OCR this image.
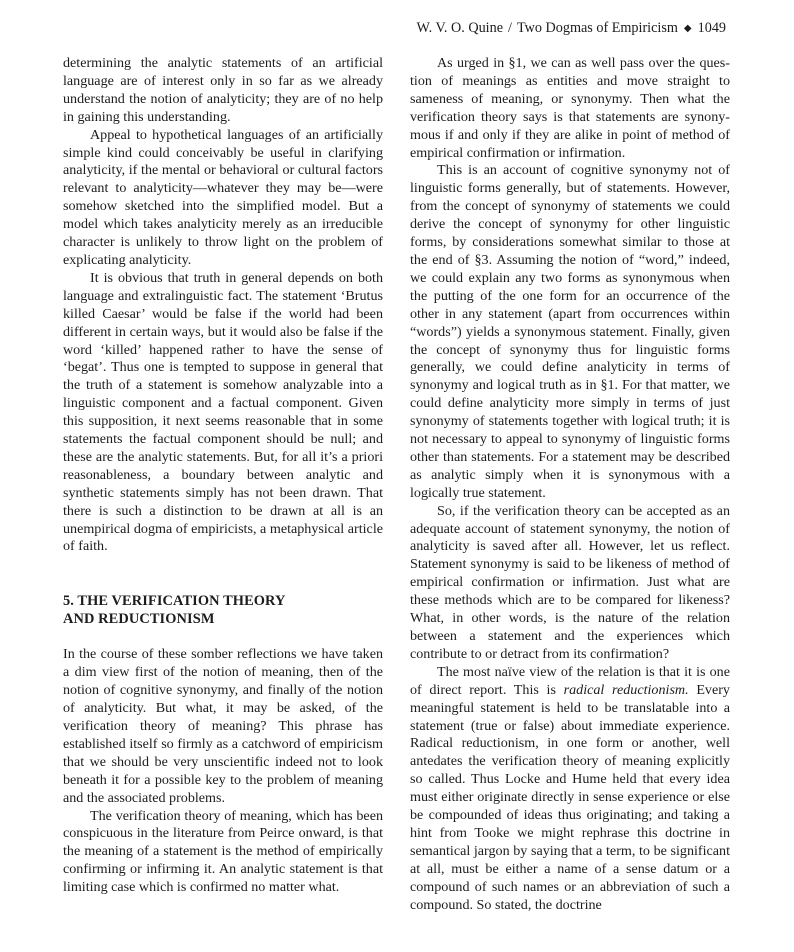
W. V. O. Quine / Two Dogmas of Empiricism ◆ 1049

determining the analytic statements of an artificial language are of interest only in so far as we already understand the notion of analyticity; they are of no help in gaining this understanding.

Appeal to hypothetical languages of an artificially simple kind could conceivably be useful in clarifying analyticity, if the mental or behavioral or cultural factors relevant to analyticity—whatever they may be—were somehow sketched into the simplified model. But a model which takes analyticity merely as an irreducible character is unlikely to throw light on the problem of explicating analyticity.

It is obvious that truth in general depends on both language and extralinguistic fact. The statement ‘Brutus killed Caesar’ would be false if the world had been different in certain ways, but it would also be false if the word ‘killed’ happened rather to have the sense of ‘begat’. Thus one is tempted to suppose in general that the truth of a statement is somehow analyzable into a linguistic component and a factual component. Given this supposition, it next seems reasonable that in some statements the factual component should be null; and these are the analytic statements. But, for all it’s a priori reasonableness, a boundary between analytic and synthetic statements simply has not been drawn. That there is such a distinction to be drawn at all is an unempirical dogma of empiricists, a metaphysical article of faith.

5. THE VERIFICATION THEORY
AND REDUCTIONISM

In the course of these somber reflections we have taken a dim view first of the notion of meaning, then of the notion of cognitive synonymy, and finally of the notion of analyticity. But what, it may be asked, of the verification theory of meaning? This phrase has established itself so firmly as a catchword of empiricism that we should be very unscientific indeed not to look beneath it for a possible key to the problem of meaning and the associated problems.

The verification theory of meaning, which has been conspicuous in the literature from Peirce onward, is that the meaning of a statement is the method of empirically confirming or infirming it. An analytic statement is that limiting case which is confirmed no matter what.

As urged in §1, we can as well pass over the question of meanings as entities and move straight to sameness of meaning, or synonymy. Then what the verification theory says is that statements are synonymous if and only if they are alike in point of method of empirical confirmation or infirmation.

This is an account of cognitive synonymy not of linguistic forms generally, but of statements. However, from the concept of synonymy of statements we could derive the concept of synonymy for other linguistic forms, by considerations somewhat similar to those at the end of §3. Assuming the notion of “word,” indeed, we could explain any two forms as synonymous when the putting of the one form for an occurrence of the other in any statement (apart from occurrences within “words”) yields a synonymous statement. Finally, given the concept of synonymy thus for linguistic forms generally, we could define analyticity in terms of synonymy and logical truth as in §1. For that matter, we could define analyticity more simply in terms of just synonymy of statements together with logical truth; it is not necessary to appeal to synonymy of linguistic forms other than statements. For a statement may be described as analytic simply when it is synonymous with a logically true statement.

So, if the verification theory can be accepted as an adequate account of statement synonymy, the notion of analyticity is saved after all. However, let us reflect. Statement synonymy is said to be likeness of method of empirical confirmation or infirmation. Just what are these methods which are to be compared for likeness? What, in other words, is the nature of the relation between a statement and the experiences which contribute to or detract from its confirmation?

The most naïve view of the relation is that it is one of direct report. This is radical reductionism. Every meaningful statement is held to be translatable into a statement (true or false) about immediate experience. Radical reductionism, in one form or another, well antedates the verification theory of meaning explicitly so called. Thus Locke and Hume held that every idea must either originate directly in sense experience or else be compounded of ideas thus originating; and taking a hint from Tooke we might rephrase this doctrine in semantical jargon by saying that a term, to be significant at all, must be either a name of a sense datum or a compound of such names or an abbreviation of such a compound. So stated, the doctrine
